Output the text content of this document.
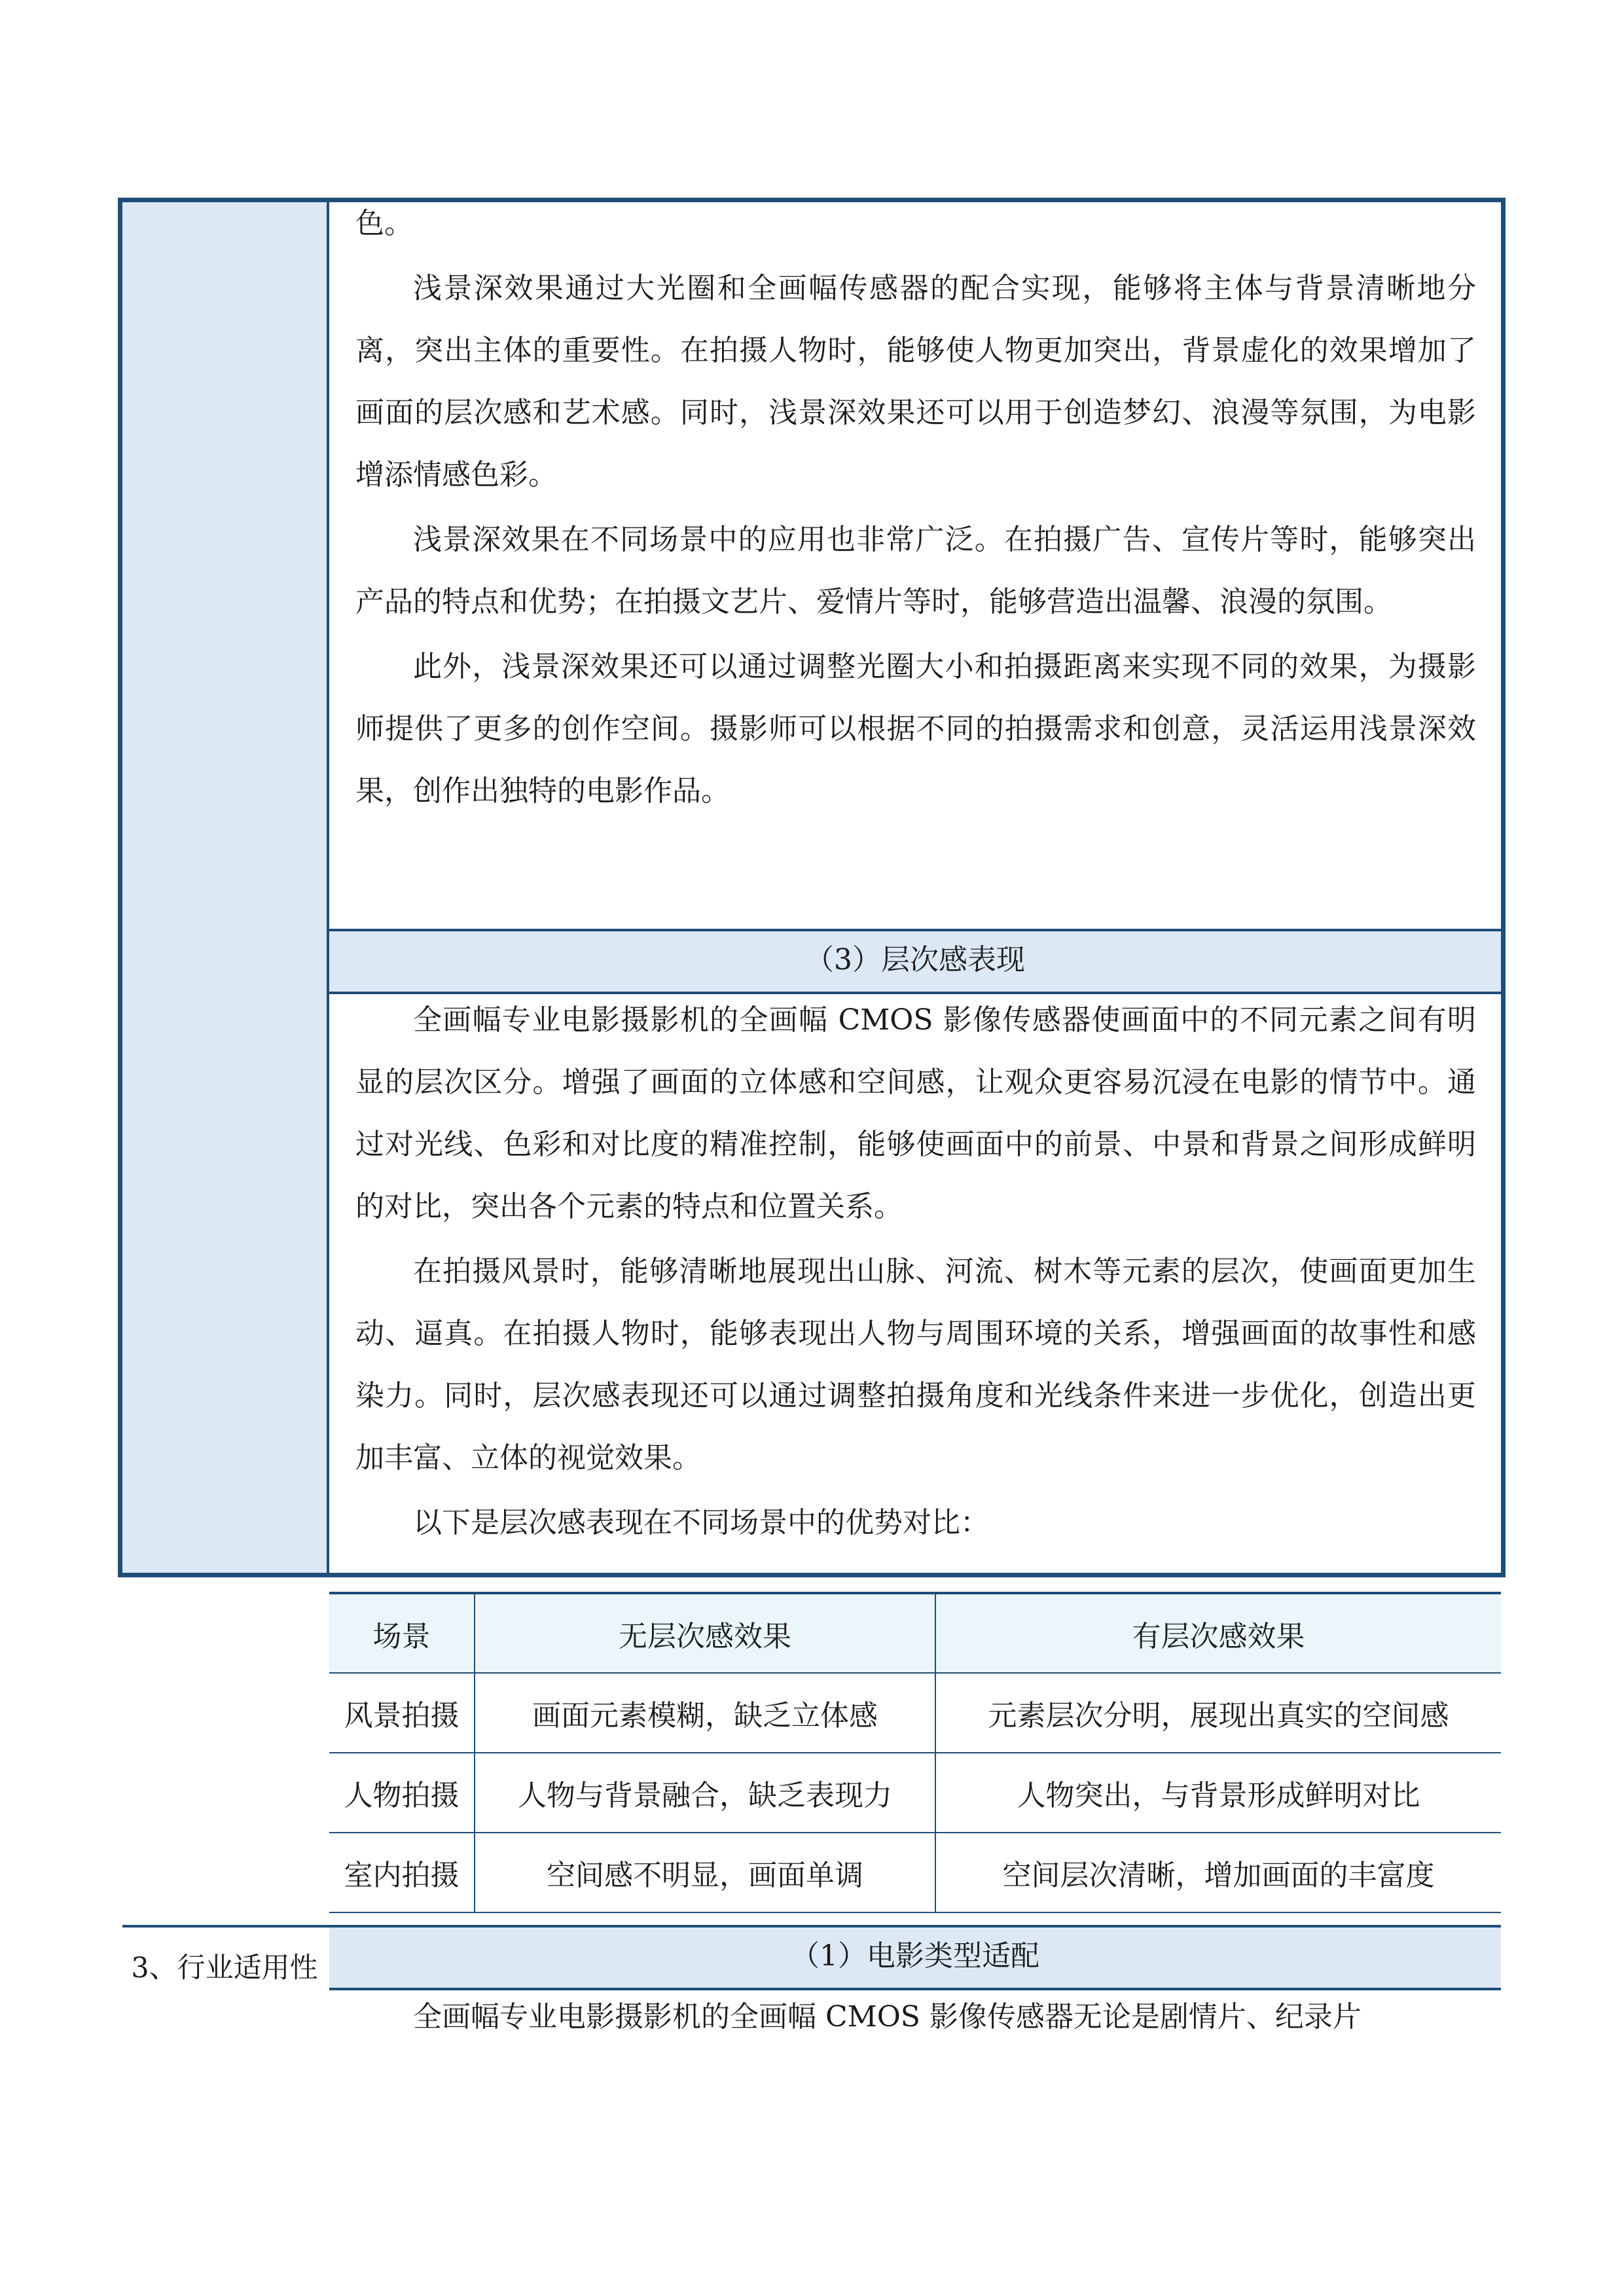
3、行业适用性

色。

浅景深效果通过大光圈和全画幅传感器的配合实现，能够将主体与背景清晰地分离，突出主体的重要性。在拍摄人物时，能够使人物更加突出，背景虚化的效果增加了画面的层次感和艺术感。同时，浅景深效果还可以用于创造梦幻、浪漫等氛围，为电影增添情感色彩。

浅景深效果在不同场景中的应用也非常广泛。在拍摄广告、宣传片等时，能够突出产品的特点和优势；在拍摄文艺片、爱情片等时，能够营造出温馨、浪漫的氛围。

此外，浅景深效果还可以通过调整光圈大小和拍摄距离来实现不同的效果，为摄影师提供了更多的创作空间。摄影师可以根据不同的拍摄需求和创意，灵活运用浅景深效果，创作出独特的电影作品。

（3）层次感表现

全画幅专业电影摄影机的全画幅 CMOS 影像传感器使画面中的不同元素之间有明显的层次区分。增强了画面的立体感和空间感，让观众更容易沉浸在电影的情节中。通过对光线、色彩和对比度的精准控制，能够使画面中的前景、中景和背景之间形成鲜明的对比，突出各个元素的特点和位置关系。

在拍摄风景时，能够清晰地展现出山脉、河流、树木等元素的层次，使画面更加生动、逼真。在拍摄人物时，能够表现出人物与周围环境的关系，增强画面的故事性和感染力。同时，层次感表现还可以通过调整拍摄角度和光线条件来进一步优化，创造出更加丰富、立体的视觉效果。

以下是层次感表现在不同场景中的优势对比：

场景	无层次感效果	有层次感效果
风景拍摄	画面元素模糊，缺乏立体感	元素层次分明，展现出真实的空间感
人物拍摄	人物与背景融合，缺乏表现力	人物突出，与背景形成鲜明对比
室内拍摄	空间感不明显，画面单调	空间层次清晰，增加画面的丰富度
（1）电影类型适配

全画幅专业电影摄影机的全画幅 CMOS 影像传感器无论是剧情片、纪录片
